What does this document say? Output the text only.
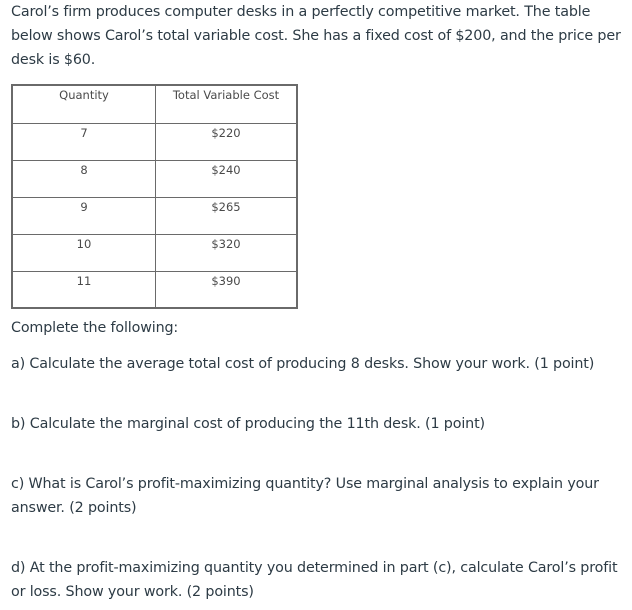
Carol’s firm produces computer desks in a perfectly competitive market. The table below shows Carol’s total variable cost. She has a fixed cost of $200, and the price per desk is $60.
Quantity	Total Variable Cost
7	$220
8	$240
9	$265
10	$320
11	$390
Complete the following:
a) Calculate the average total cost of producing 8 desks. Show your work. (1 point)
b) Calculate the marginal cost of producing the 11th desk. (1 point)
c) What is Carol’s profit-maximizing quantity? Use marginal analysis to explain your answer. (2 points)
d) At the profit-maximizing quantity you determined in part (c), calculate Carol’s profit or loss. Show your work. (2 points)
